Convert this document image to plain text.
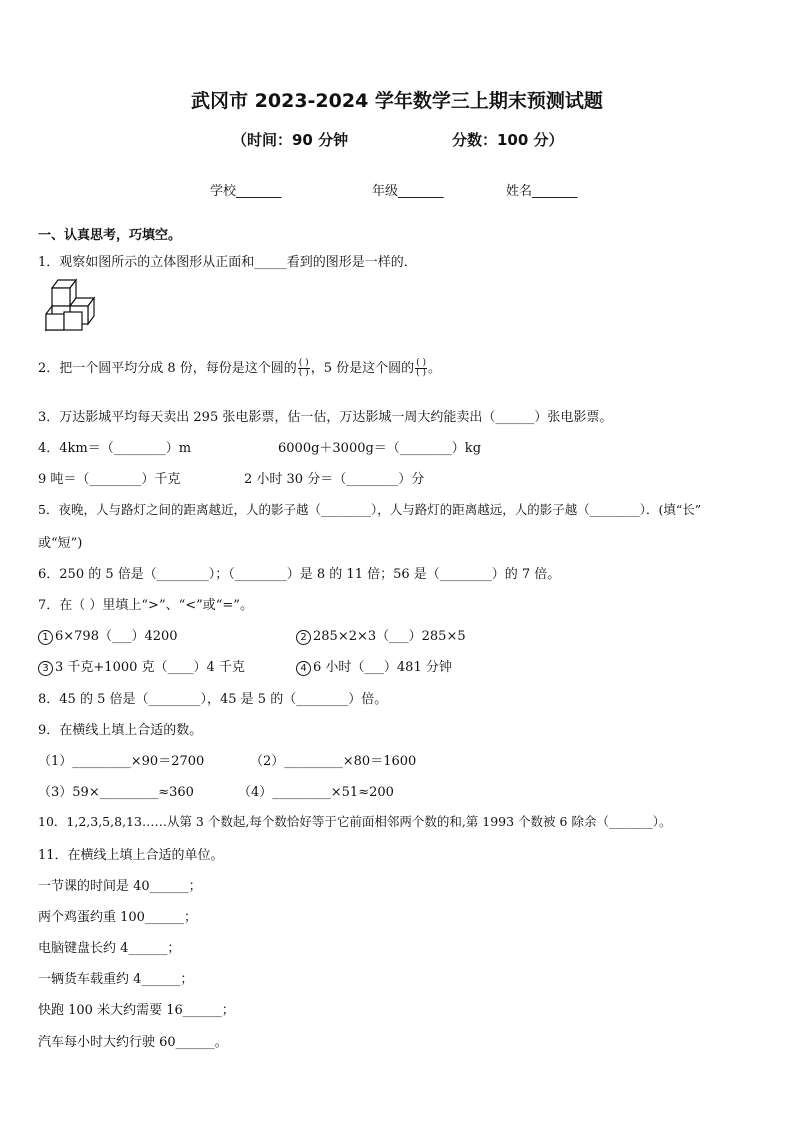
武冈市 2023-2024 学年数学三上期末预测试题
（时间：90 分钟	分数：100 分）
学校_______	年级_______	姓名_______
一、认真思考，巧填空。
1．观察如图所示的立体图形从正面和_____看到的图形是一样的．
2．把一个圆平均分成 8 份，每份是这个圆的 $\frac{( )}{( )}$ ，5 份是这个圆的 $\frac{( )}{( )}$ 。
3．万达影城平均每天卖出 295 张电影票，估一估，万达影城一周大约能卖出（______）张电影票。
4．4km＝（________）m	6000g＋3000g＝（________）kg
9 吨＝（________）千克	2 小时 30 分＝（________）分
5．夜晚，人与路灯之间的距离越近，人的影子越（________），人与路灯的距离越远，人的影子越（________）．(填“长”
或“短”)
6．250 的 5 倍是（________）；（________）是 8 的 11 倍；56 是（________）的 7 倍。
7．在（ ）里填上“>”、“<”或“=”。
1 6×798（___）4200	2 285×2×3（___）285×5
3 3 千克+1000 克（____）4 千克	4 6 小时（___）481 分钟
8．45 的 5 倍是（________），45 是 5 的（________）倍。
9．在横线上填上合适的数。
（1）_________×90＝2700	（2）_________×80＝1600
（3）59×_________≈360	（4）_________×51≈200
10．1,2,3,5,8,13……从第 3 个数起,每个数恰好等于它前面相邻两个数的和,第 1993 个数被 6 除余（_______）。
11．在横线上填上合适的单位。
一节课的时间是 40______；
两个鸡蛋约重 100______；
电脑键盘长约 4______；
一辆货车载重约 4______；
快跑 100 米大约需要 16______；
汽车每小时大约行驶 60______。
